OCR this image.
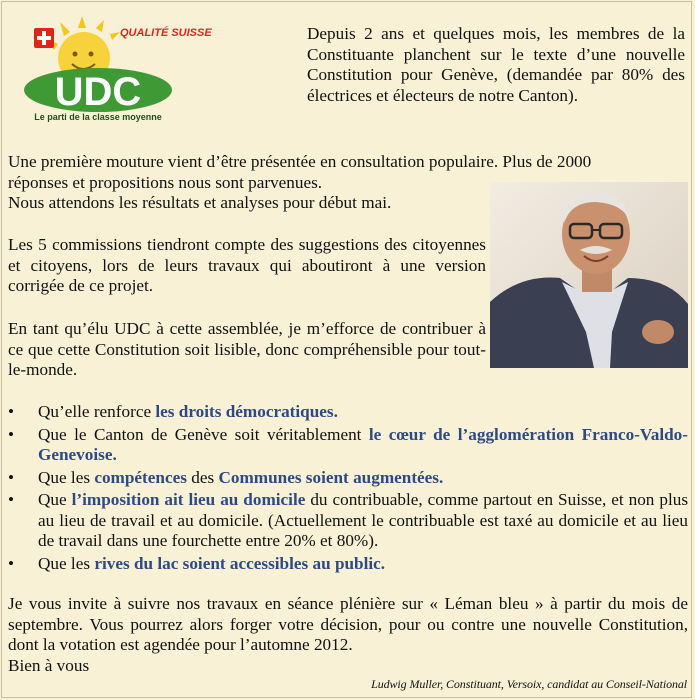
QUALITÉ SUISSE
UDC
Le parti de la classe moyenne
Depuis 2 ans et quelques mois, les membres de la Constituante planchent sur le texte d’une nouvelle Constitution pour Genève, (demandée par 80% des électrices et électeurs de notre Canton).
Une première mouture vient d’être présentée en consultation populaire. Plus de 2000
réponses et propositions nous sont parvenues.
Nous attendons les résultats et analyses pour début mai.
Les 5 commissions tiendront compte des suggestions des citoyennes et citoyens, lors de leurs travaux qui aboutiront à une version corrigée de ce projet.
En tant qu’élu UDC à cette assemblée, je m’efforce de contribuer à ce que cette Constitution soit lisible, donc compréhensible pour tout-le-monde.
• Qu’elle renforce les droits démocratiques.
• Que le Canton de Genève soit véritablement le cœur de l’agglomération Franco-Valdo- Genevoise.
• Que les compétences des Communes soient augmentées.
• Que l’imposition ait lieu au domicile du contribuable, comme partout en Suisse, et non plus au lieu de travail et au domicile. (Actuellement le contribuable est taxé au domicile et au lieu de travail dans une fourchette entre 20% et 80%).
• Que les rives du lac soient accessibles au public.
Je vous invite à suivre nos travaux en séance plénière sur « Léman bleu » à partir du mois de septembre. Vous pourrez alors forger votre décision, pour ou contre une nouvelle Constitution, dont la votation est agendée pour l’automne 2012.
Bien à vous
Ludwig Muller, Constituant, Versoix, candidat au Conseil-National
